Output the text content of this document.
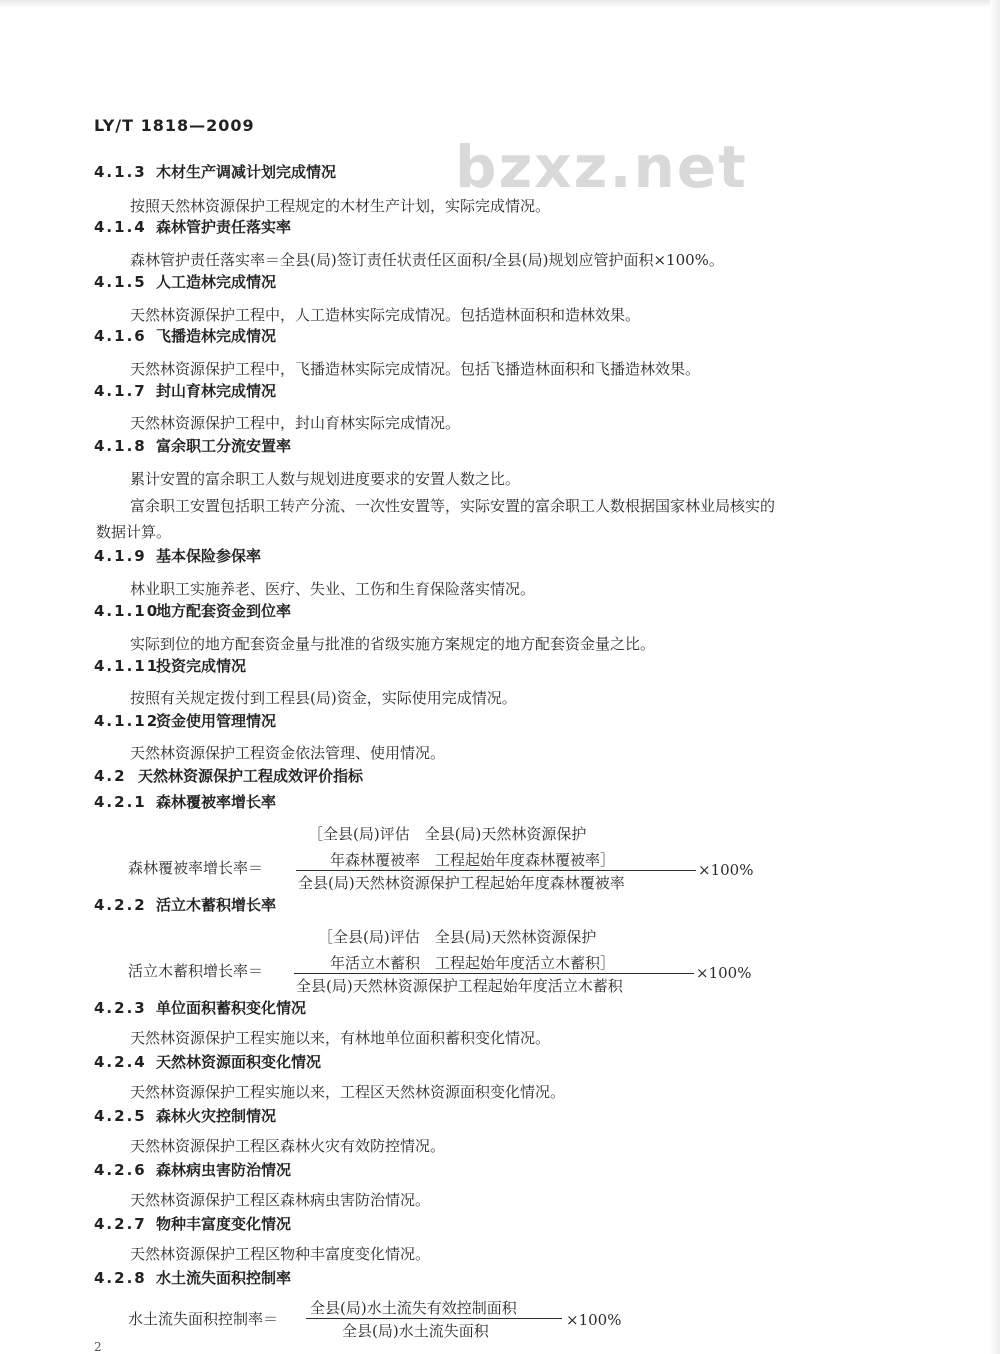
bzxz.net
LY/T 1818—2009
4.1.3 木材生产调减计划完成情况
按照天然林资源保护工程规定的木材生产计划，实际完成情况。
4.1.4 森林管护责任落实率
森林管护责任落实率＝全县(局)签订责任状责任区面积/全县(局)规划应管护面积×100%。
4.1.5 人工造林完成情况
天然林资源保护工程中，人工造林实际完成情况。包括造林面积和造林效果。
4.1.6 飞播造林完成情况
天然林资源保护工程中，飞播造林实际完成情况。包括飞播造林面积和飞播造林效果。
4.1.7 封山育林完成情况
天然林资源保护工程中，封山育林实际完成情况。
4.1.8 富余职工分流安置率
累计安置的富余职工人数与规划进度要求的安置人数之比。
富余职工安置包括职工转产分流、一次性安置等，实际安置的富余职工人数根据国家林业局核实的
数据计算。
4.1.9 基本保险参保率
林业职工实施养老、医疗、失业、工伤和生育保险落实情况。
4.1.10地方配套资金到位率
实际到位的地方配套资金量与批准的省级实施方案规定的地方配套资金量之比。
4.1.11投资完成情况
按照有关规定拨付到工程县(局)资金，实际使用完成情况。
4.1.12资金使用管理情况
天然林资源保护工程资金依法管理、使用情况。
4.2 天然林资源保护工程成效评价指标
4.2.1 森林覆被率增长率
［全县(局)评估　全县(局)天然林资源保护
森林覆被率增长率＝	年森林覆被率　工程起始年度森林覆被率］
全县(局)天然林资源保护工程起始年度森林覆被率
×100%
4.2.2 活立木蓄积增长率
［全县(局)评估　全县(局)天然林资源保护
活立木蓄积增长率＝	年活立木蓄积　工程起始年度活立木蓄积］
全县(局)天然林资源保护工程起始年度活立木蓄积
×100%
4.2.3 单位面积蓄积变化情况
天然林资源保护工程实施以来，有林地单位面积蓄积变化情况。
4.2.4 天然林资源面积变化情况
天然林资源保护工程实施以来，工程区天然林资源面积变化情况。
4.2.5 森林火灾控制情况
天然林资源保护工程区森林火灾有效防控情况。
4.2.6 森林病虫害防治情况
天然林资源保护工程区森林病虫害防治情况。
4.2.7 物种丰富度变化情况
天然林资源保护工程区物种丰富度变化情况。
4.2.8 水土流失面积控制率
水土流失面积控制率＝
全县(局)水土流失有效控制面积
全县(局)水土流失面积
×100%
2
